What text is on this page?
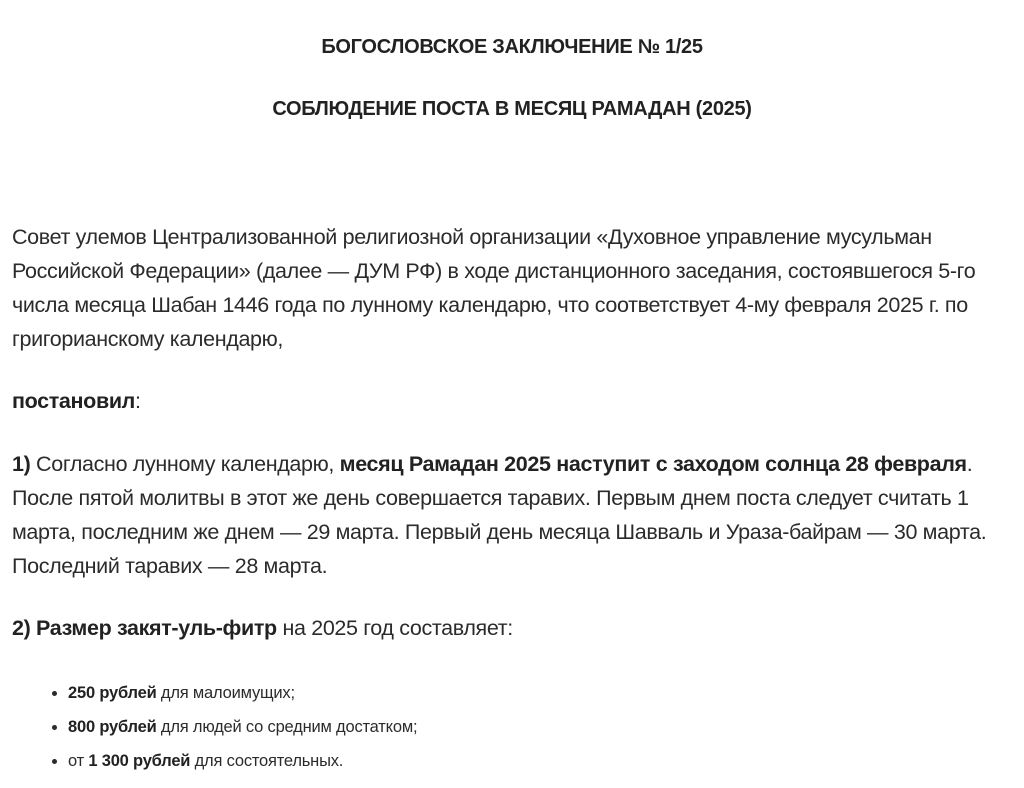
БОГОСЛОВСКОЕ ЗАКЛЮЧЕНИЕ № 1/25
СОБЛЮДЕНИЕ ПОСТА В МЕСЯЦ РАМАДАН (2025)

Совет улемов Централизованной религиозной организации «Духовное управление мусульман Российской Федерации» (далее — ДУМ РФ) в ходе дистанционного заседания, состоявшегося 5-го числа месяца Шабан 1446 года по лунному календарю, что соответствует 4-му февраля 2025 г. по григорианскому календарю,

постановил:

1) Согласно лунному календарю, месяц Рамадан 2025 наступит с заходом солнца 28 февраля. После пятой молитвы в этот же день совершается таравих. Первым днем поста следует считать 1 марта, последним же днем — 29 марта. Первый день месяца Шавваль и Ураза-байрам — 30 марта. Последний таравих — 28 марта.

2) Размер закят-уль-фитр на 2025 год составляет:

• 250 рублей для малоимущих;
• 800 рублей для людей со средним достатком;
• от 1 300 рублей для состоятельных.
